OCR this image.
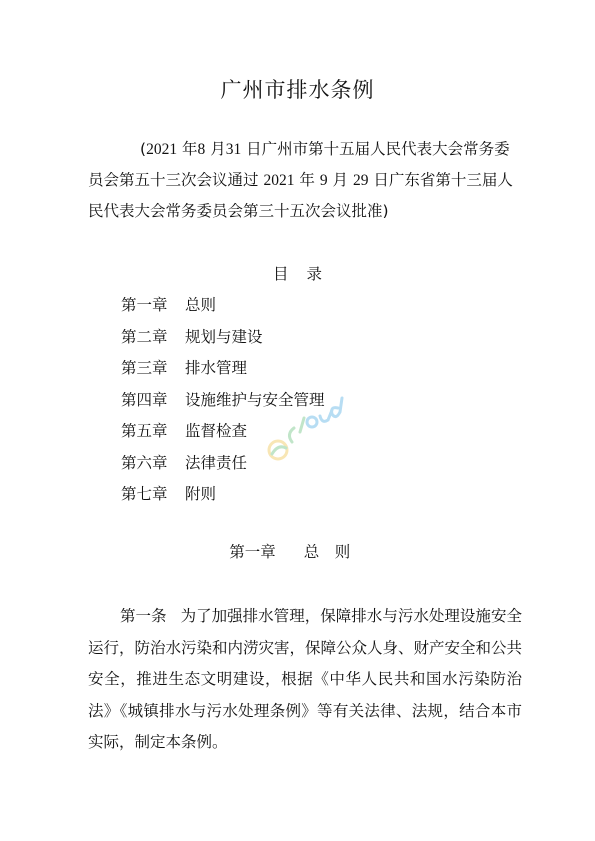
广州市排水条例
(2021 年8 月31 日广州市第十五届人民代表大会常务委员会第五十三次会议通过 2021 年 9 月 29 日广东省第十三届人民代表大会常务委员会第三十五次会议批准)
目录
第一章 总则
第二章 规划与建设
第三章 排水管理
第四章 设施维护与安全管理
第五章 监督检查
第六章 法律责任
第七章 附则
第一章 总 则
第一条 为了加强排水管理，保障排水与污水处理设施安全运行，防治水污染和内涝灾害，保障公众人身、财产安全和公共安全，推进生态文明建设，根据《中华人民共和国水污染防治法》《城镇排水与污水处理条例》等有关法律、法规，结合本市实际，制定本条例。
